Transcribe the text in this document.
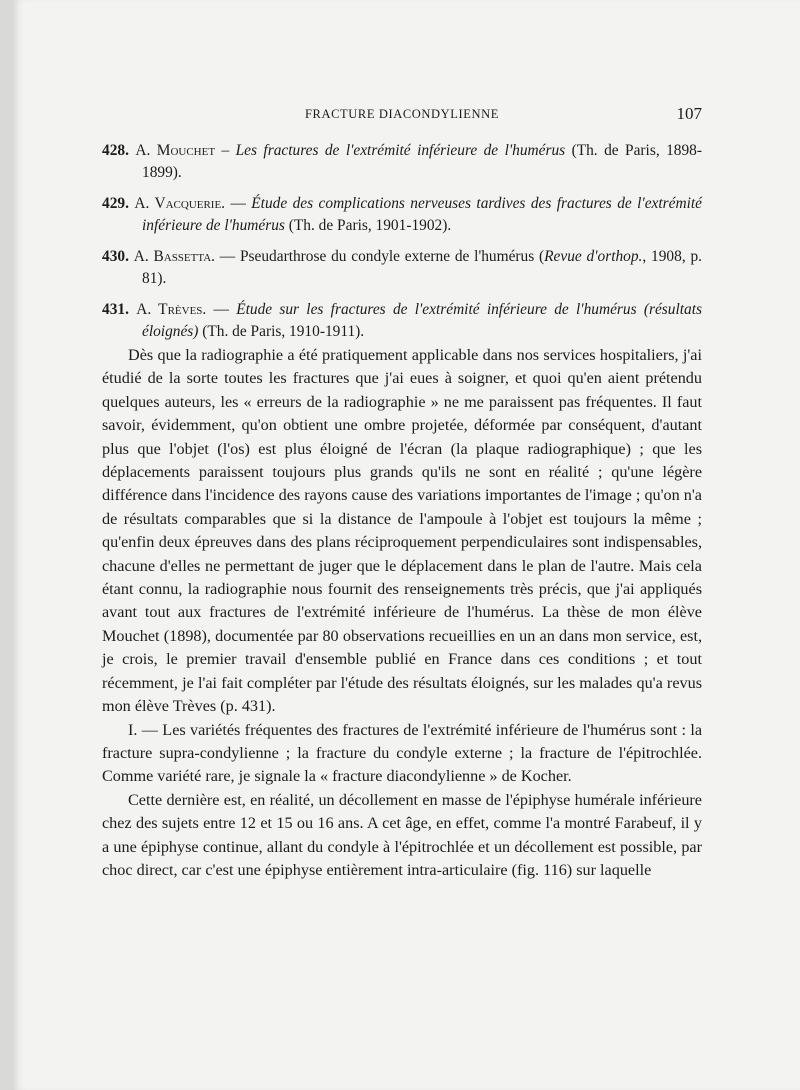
FRACTURE DIACONDYLIENNE	107

428. A. Mouchet – Les fractures de l'extrémité inférieure de l'humérus (Th. de Paris, 1898-1899).

429. A. Vacquerie. — Étude des complications nerveuses tardives des fractures de l'extrémité inférieure de l'humérus (Th. de Paris, 1901-1902).

430. A. Bassetta. — Pseudarthrose du condyle externe de l'humérus (Revue d'orthop., 1908, p. 81).

431. A. Trèves. — Étude sur les fractures de l'extrémité inférieure de l'humérus (résultats éloignés) (Th. de Paris, 1910-1911).

Dès que la radiographie a été pratiquement applicable dans nos services hospitaliers, j'ai étudié de la sorte toutes les fractures que j'ai eues à soigner, et quoi qu'en aient prétendu quelques auteurs, les « erreurs de la radiographie » ne me paraissent pas fréquentes. Il faut savoir, évidemment, qu'on obtient une ombre projetée, déformée par conséquent, d'autant plus que l'objet (l'os) est plus éloigné de l'écran (la plaque radiographique) ; que les déplacements paraissent toujours plus grands qu'ils ne sont en réalité ; qu'une légère différence dans l'incidence des rayons cause des variations importantes de l'image ; qu'on n'a de résultats comparables que si la distance de l'ampoule à l'objet est toujours la même ; qu'enfin deux épreuves dans des plans réciproquement perpendiculaires sont indispensables, chacune d'elles ne permettant de juger que le déplacement dans le plan de l'autre. Mais cela étant connu, la radiographie nous fournit des renseignements très précis, que j'ai appliqués avant tout aux fractures de l'extrémité inférieure de l'humérus. La thèse de mon élève Mouchet (1898), documentée par 80 observations recueillies en un an dans mon service, est, je crois, le premier travail d'ensemble publié en France dans ces conditions ; et tout récemment, je l'ai fait compléter par l'étude des résultats éloignés, sur les malades qu'a revus mon élève Trèves (p. 431).

I. — Les variétés fréquentes des fractures de l'extrémité inférieure de l'humérus sont : la fracture supra-condylienne ; la fracture du condyle externe ; la fracture de l'épitrochlée. Comme variété rare, je signale la « fracture diacondylienne » de Kocher.

Cette dernière est, en réalité, un décollement en masse de l'épiphyse humérale inférieure chez des sujets entre 12 et 15 ou 16 ans. A cet âge, en effet, comme l'a montré Farabeuf, il y a une épiphyse continue, allant du condyle à l'épitrochlée et un décollement est possible, par choc direct, car c'est une épiphyse entièrement intra-articulaire (fig. 116) sur laquelle
